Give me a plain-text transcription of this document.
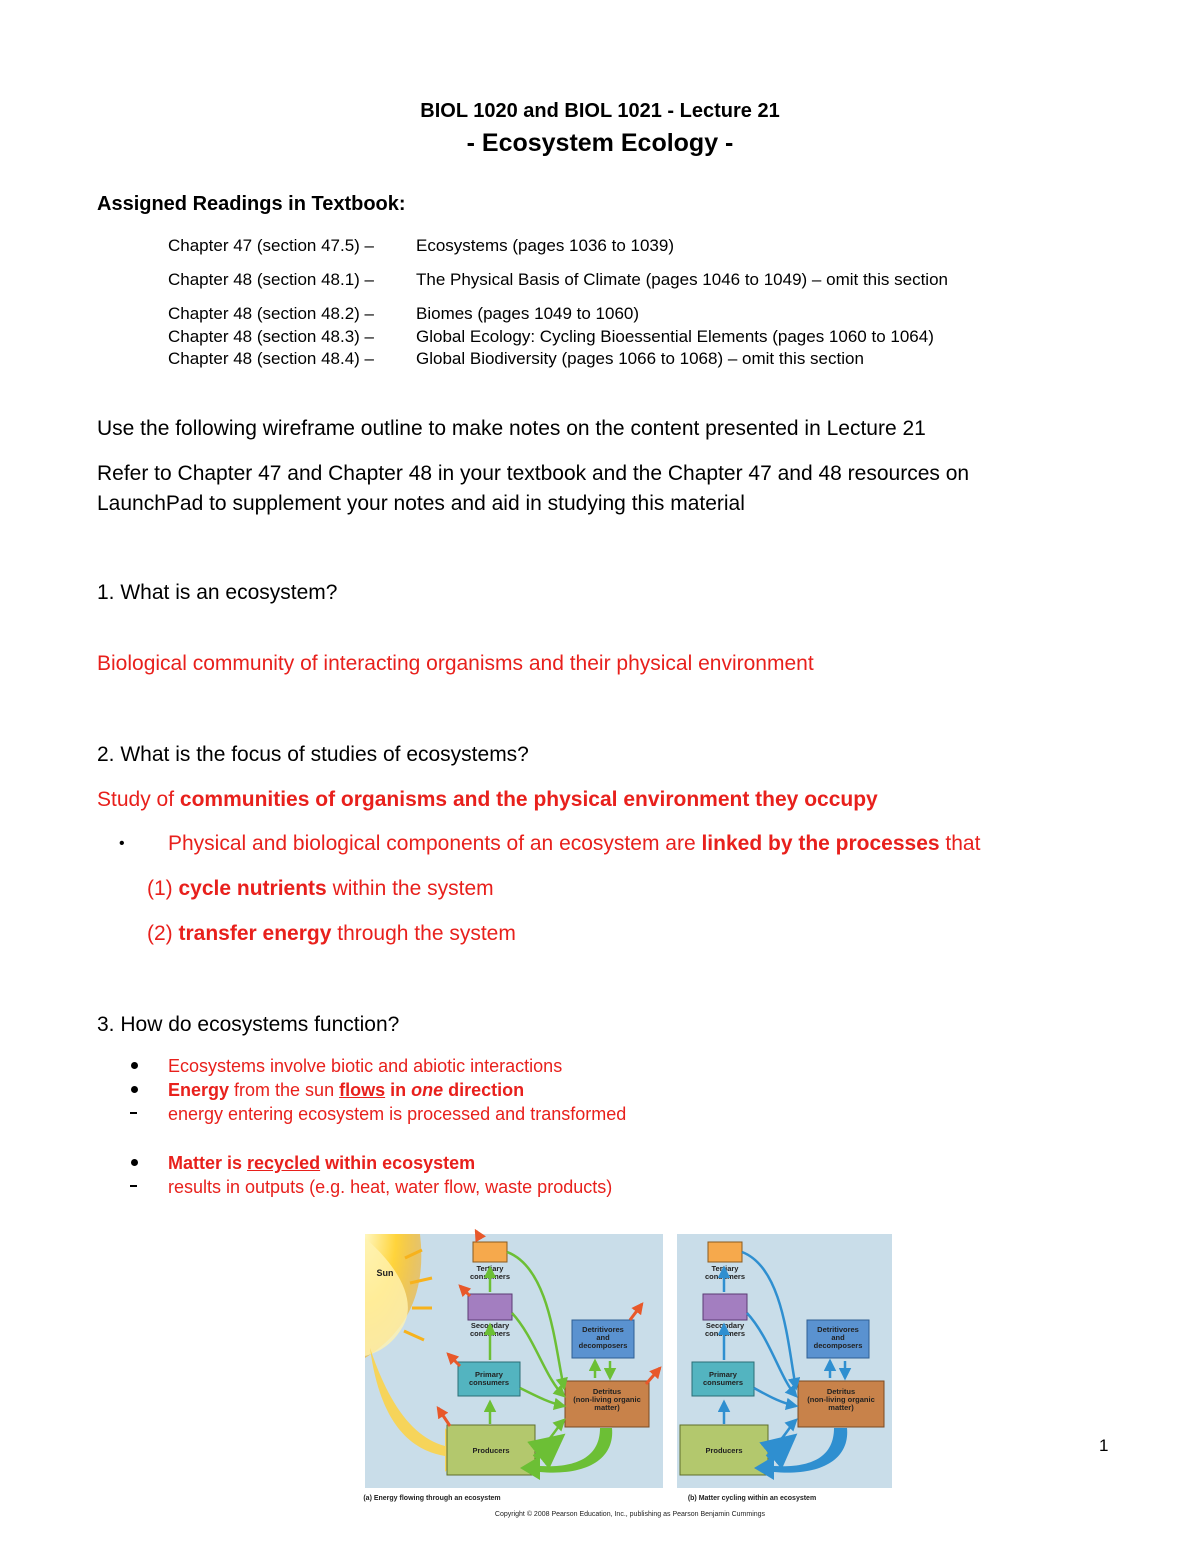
BIOL 1020 and BIOL 1021 - Lecture 21
- Ecosystem Ecology -
Assigned Readings in Textbook:
Chapter 47 (section 47.5) – Ecosystems (pages 1036 to 1039)
Chapter 48 (section 48.1) – The Physical Basis of Climate (pages 1046 to 1049) – omit this section
Chapter 48 (section 48.2) – Biomes (pages 1049 to 1060)
Chapter 48 (section 48.3) – Global Ecology: Cycling Bioessential Elements (pages 1060 to 1064)
Chapter 48 (section 48.4) – Global Biodiversity (pages 1066 to 1068) – omit this section
Use the following wireframe outline to make notes on the content presented in Lecture 21
Refer to Chapter 47 and Chapter 48 in your textbook and the Chapter 47 and 48 resources on
LaunchPad to supplement your notes and aid in studying this material
1. What is an ecosystem?
Biological community of interacting organisms and their physical environment
2. What is the focus of studies of ecosystems?
Study of communities of organisms and the physical environment they occupy
• Physical and biological components of an ecosystem are linked by the processes that
(1) cycle nutrients within the system
(2) transfer energy through the system
3. How do ecosystems function?
Ecosystems involve biotic and abiotic interactions
Energy from the sun flows in one direction
energy entering ecosystem is processed and transformed
Matter is recycled within ecosystem
results in outputs (e.g. heat, water flow, waste products)
Sun	Tertiary
consumers
Secondary
consumers
Primary
consumers
Detritivores
and
decomposers
Detritus
(non-living organic
matter)
Producers
(a) Energy flowing through an ecosystem
Tertiary
consumers
Secondary
consumers
Primary
consumers
Detritivores
and
decomposers
Detritus
(non-living organic
matter)
Producers
(b) Matter cycling within an ecosystem
Copyright © 2008 Pearson Education, Inc., publishing as Pearson Benjamin Cummings
1
